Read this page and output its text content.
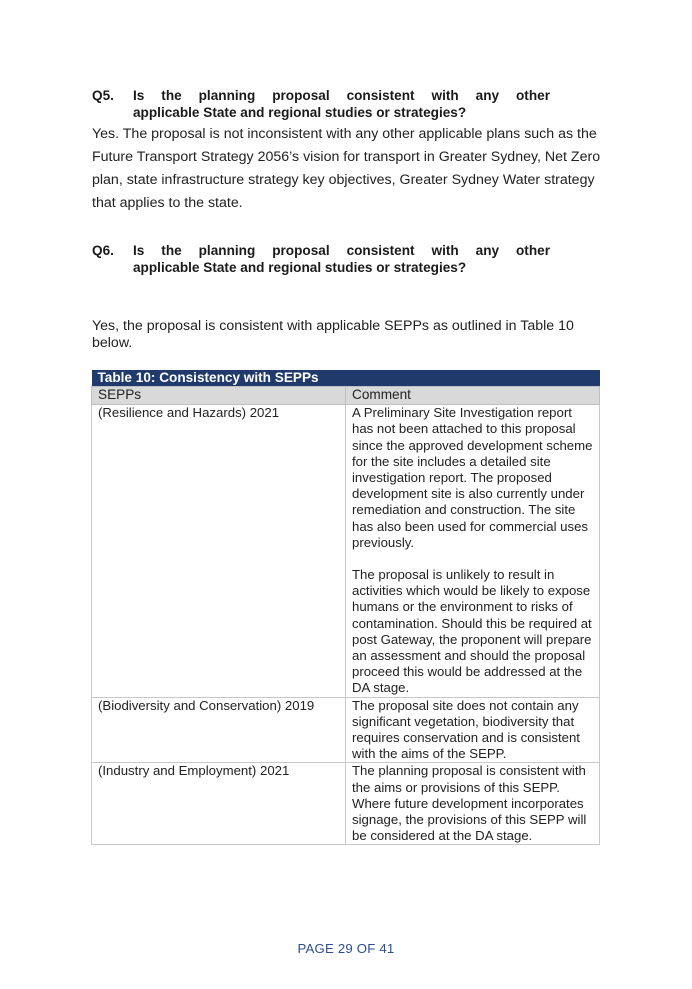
Q5. Is the planning proposal consistent with any other
applicable State and regional studies or strategies?
Yes. The proposal is not inconsistent with any other applicable plans such as the Future Transport Strategy 2056’s vision for transport in Greater Sydney, Net Zero plan, state infrastructure strategy key objectives, Greater Sydney Water strategy that applies to the state.
Q6. Is the planning proposal consistent with any other
applicable State and regional studies or strategies?
Yes, the proposal is consistent with applicable SEPPs as outlined in Table 10 below.
Table 10: Consistency with SEPPs	
SEPPs	Comment
(Resilience and Hazards) 2021	A Preliminary Site Investigation report has not been attached to this proposal since the approved development scheme for the site includes a detailed site investigation report. The proposed development site is also currently under remediation and construction. The site has also been used for commercial uses previously.

The proposal is unlikely to result in activities which would be likely to expose humans or the environment to risks of contamination. Should this be required at post Gateway, the proponent will prepare an assessment and should the proposal proceed this would be addressed at the DA stage.

(Biodiversity and Conservation) 2019	The proposal site does not contain any significant vegetation, biodiversity that requires conservation and is consistent with the aims of the SEPP.

(Industry and Employment) 2021	The planning proposal is consistent with the aims or provisions of this SEPP. Where future development incorporates signage, the provisions of this SEPP will be considered at the DA stage.

PAGE 29 OF 41
